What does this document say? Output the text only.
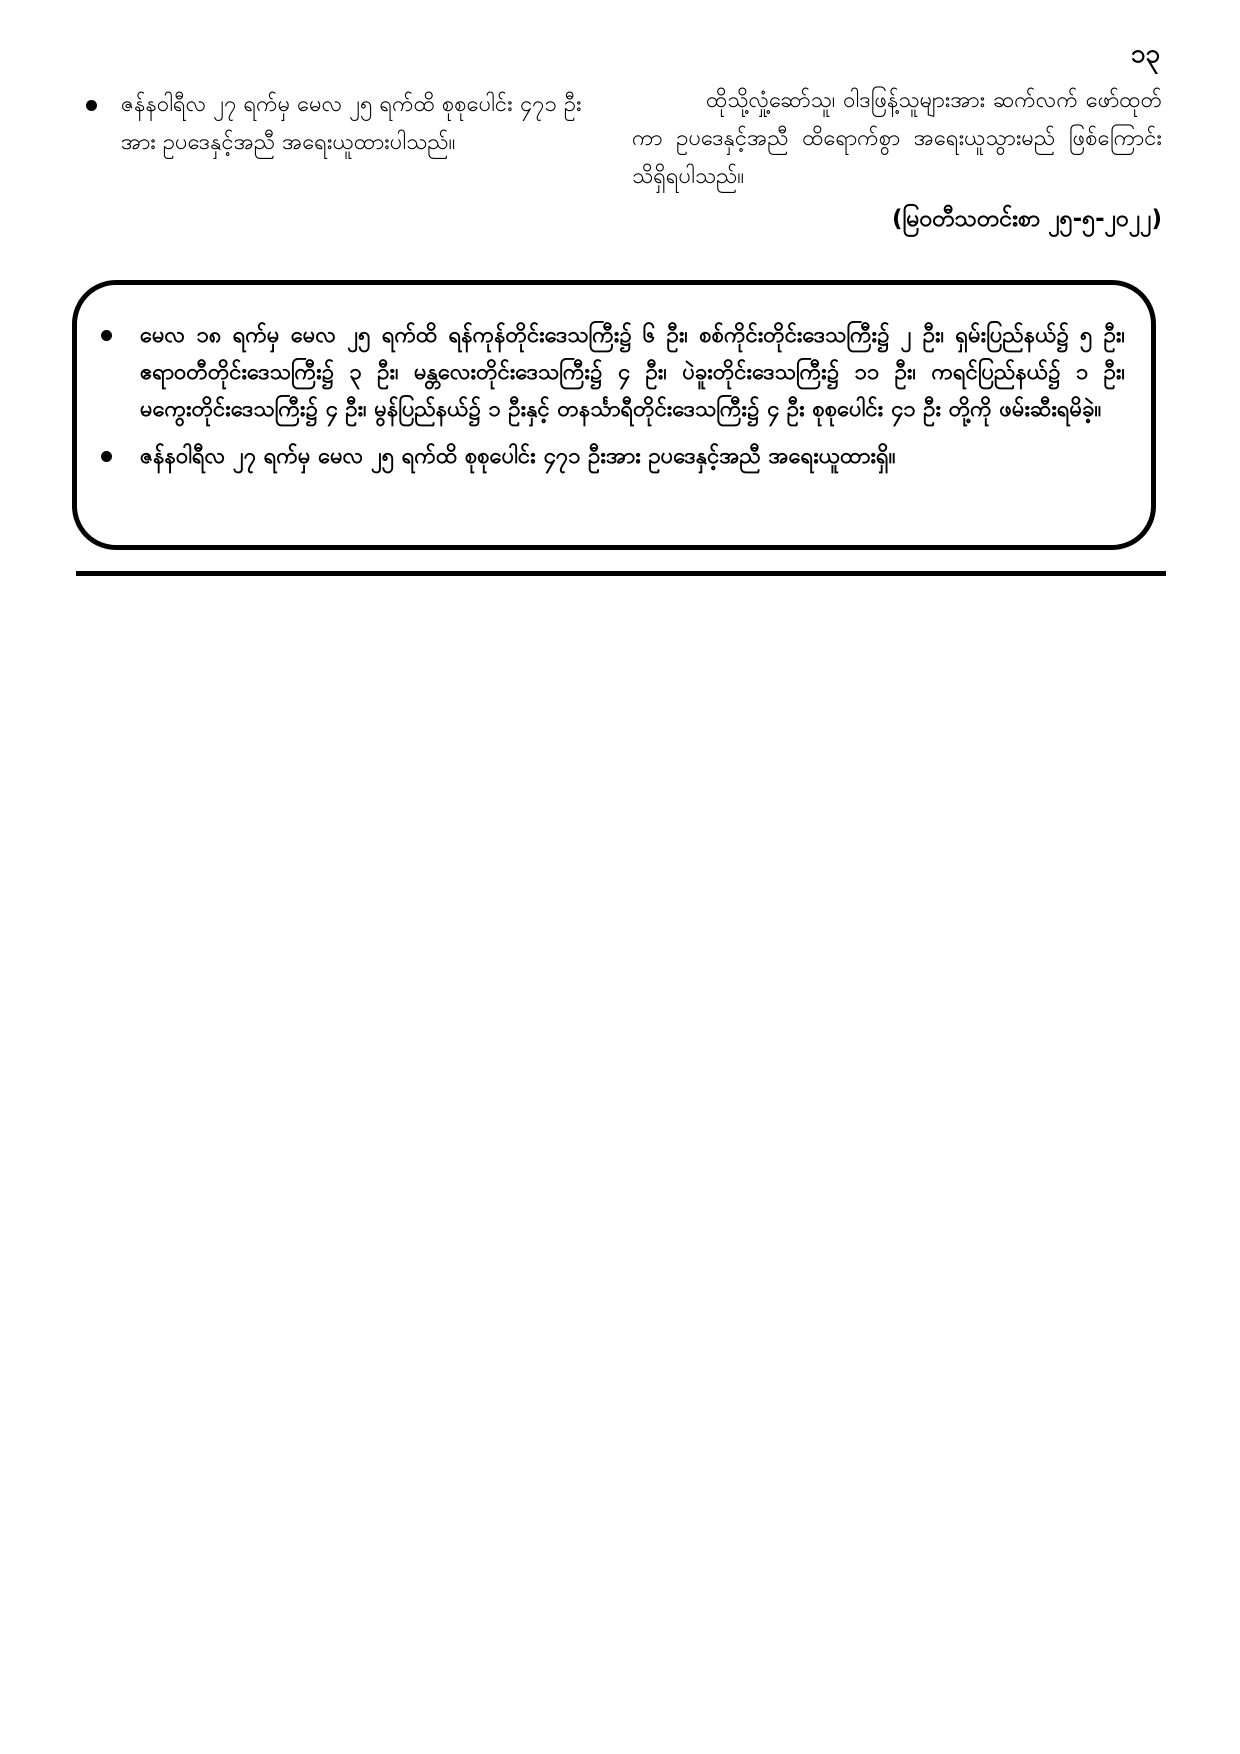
၁၃
ဇန်နဝါရီလ ၂၇ ရက်မှ မေလ ၂၅ ရက်ထိ စုစုပေါင်း ၄၇၁ ဦး အား ဥပဒေနှင့်အညီ အရေးယူထားပါသည်။
ထိုသို့လှုံ့ဆော်သူ၊ ဝါဒဖြန့်သူများအား ဆက်လက် ဖော်ထုတ်ကာ ဥပဒေနှင့်အညီ ထိရောက်စွာ အရေးယူသွားမည် ဖြစ်ကြောင်း သိရှိရပါသည်။
(မြဝတီသတင်းစာ ၂၅-၅-၂၀၂၂)
မေလ ၁၈ ရက်မှ မေလ ၂၅ ရက်ထိ ရန်ကုန်တိုင်းဒေသကြီး၌ ၆ ဦး၊ စစ်ကိုင်းတိုင်းဒေသကြီး၌ ၂ ဦး၊ ရှမ်းပြည်နယ်၌ ၅ ဦး၊ ဧရာဝတီတိုင်းဒေသကြီး၌ ၃ ဦး၊ မန္တလေးတိုင်းဒေသကြီး၌ ၄ ဦး၊ ပဲခူးတိုင်းဒေသကြီး၌ ၁၁ ဦး၊ ကရင်ပြည်နယ်၌ ၁ ဦး၊ မကွေးတိုင်းဒေသကြီး၌ ၄ ဦး၊ မွန်ပြည်နယ်၌ ၁ ဦးနှင့် တနင်္သာရီတိုင်းဒေသကြီး၌ ၄ ဦး စုစုပေါင်း ၄၁ ဦး တို့ကို ဖမ်းဆီးရမိခဲ့။
ဇန်နဝါရီလ ၂၇ ရက်မှ မေလ ၂၅ ရက်ထိ စုစုပေါင်း ၄၇၁ ဦးအား ဥပဒေနှင့်အညီ အရေးယူထားရှိ။
